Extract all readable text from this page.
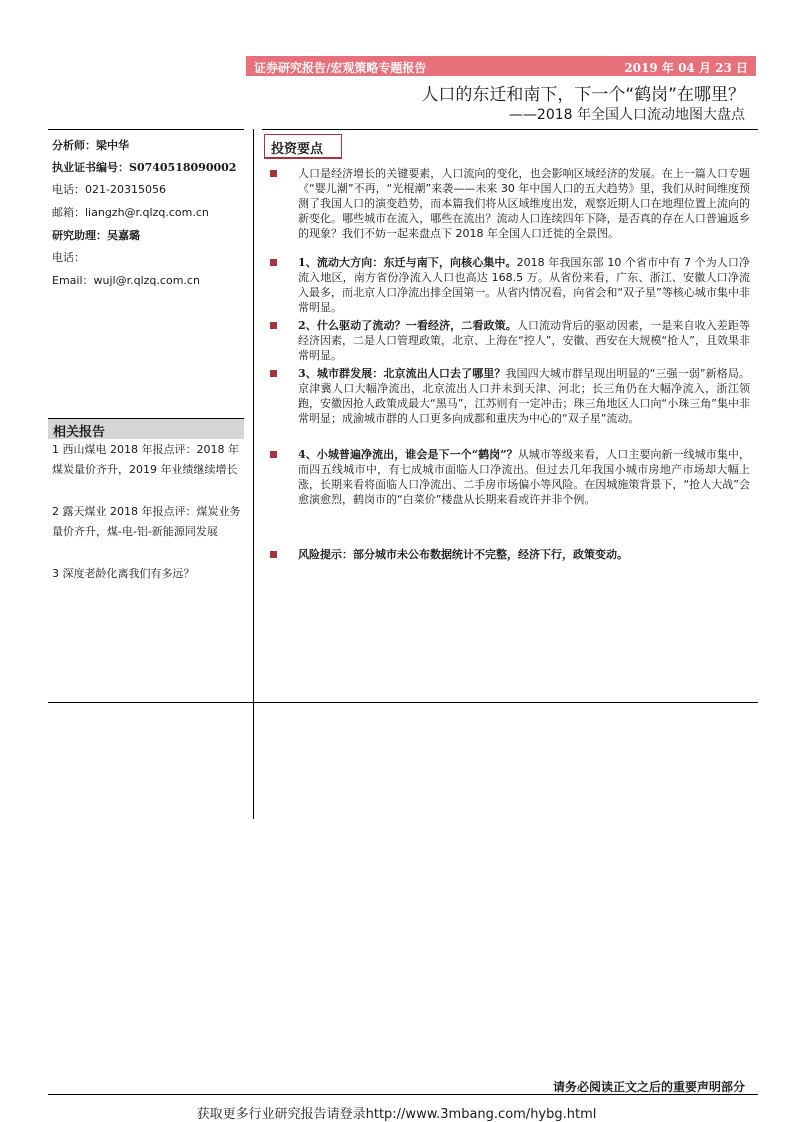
证券研究报告/宏观策略专题报告	2019 年 04 月 23 日
人口的东迁和南下，下一个“鹤岗”在哪里？
——2018 年全国人口流动地图大盘点
分析师：梁中华
执业证书编号：S0740518090002
电话：021-20315056
邮箱：liangzh@r.qlzq.com.cn
研究助理：吴嘉璐
电话：
Email：wujl@r.qlzq.com.cn
相关报告
1 西山煤电 2018 年报点评：2018 年煤炭量价齐升，2019 年业绩继续增长
2 露天煤业 2018 年报点评：煤炭业务量价齐升，煤-电-铝-新能源同发展
3 深度老龄化离我们有多远？
投资要点
人口是经济增长的关键要素，人口流向的变化，也会影响区域经济的发展。在上一篇人口专题《“婴儿潮”不再，“光棍潮”来袭——未来 30 年中国人口的五大趋势》里，我们从时间维度预测了我国人口的演变趋势，而本篇我们将从区域维度出发，观察近期人口在地理位置上流向的新变化。哪些城市在流入，哪些在流出？流动人口连续四年下降，是否真的存在人口普遍返乡的现象？我们不妨一起来盘点下 2018 年全国人口迁徙的全景图。
1、流动大方向：东迁与南下，向核心集中。2018 年我国东部 10 个省市中有 7 个为人口净流入地区，南方省份净流入人口也高达 168.5 万。从省份来看，广东、浙江、安徽人口净流入最多，而北京人口净流出排全国第一。从省内情况看，向省会和“双子星”等核心城市集中非常明显。
2、什么驱动了流动？一看经济，二看政策。人口流动背后的驱动因素，一是来自收入差距等经济因素，二是人口管理政策，北京、上海在“控人”，安徽、西安在大规模“抢人”，且效果非常明显。
3、城市群发展：北京流出人口去了哪里？我国四大城市群呈现出明显的“三强一弱”新格局。京津冀人口大幅净流出，北京流出人口并未到天津、河北；长三角仍在大幅净流入，浙江领跑，安徽因抢人政策成最大“黑马”，江苏则有一定冲击；珠三角地区人口向“小珠三角”集中非常明显；成渝城市群的人口更多向成都和重庆为中心的“双子星”流动。
4、小城普遍净流出，谁会是下一个“鹤岗”？从城市等级来看，人口主要向新一线城市集中，而四五线城市中，有七成城市面临人口净流出。但过去几年我国小城市房地产市场却大幅上涨，长期来看将面临人口净流出、二手房市场偏小等风险。在因城施策背景下，“抢人大战”会愈演愈烈，鹤岗市的“白菜价”楼盘从长期来看或许并非个例。
风险提示：部分城市未公布数据统计不完整，经济下行，政策变动。
请务必阅读正文之后的重要声明部分
获取更多行业研究报告请登录http://www.3mbang.com/hybg.html
